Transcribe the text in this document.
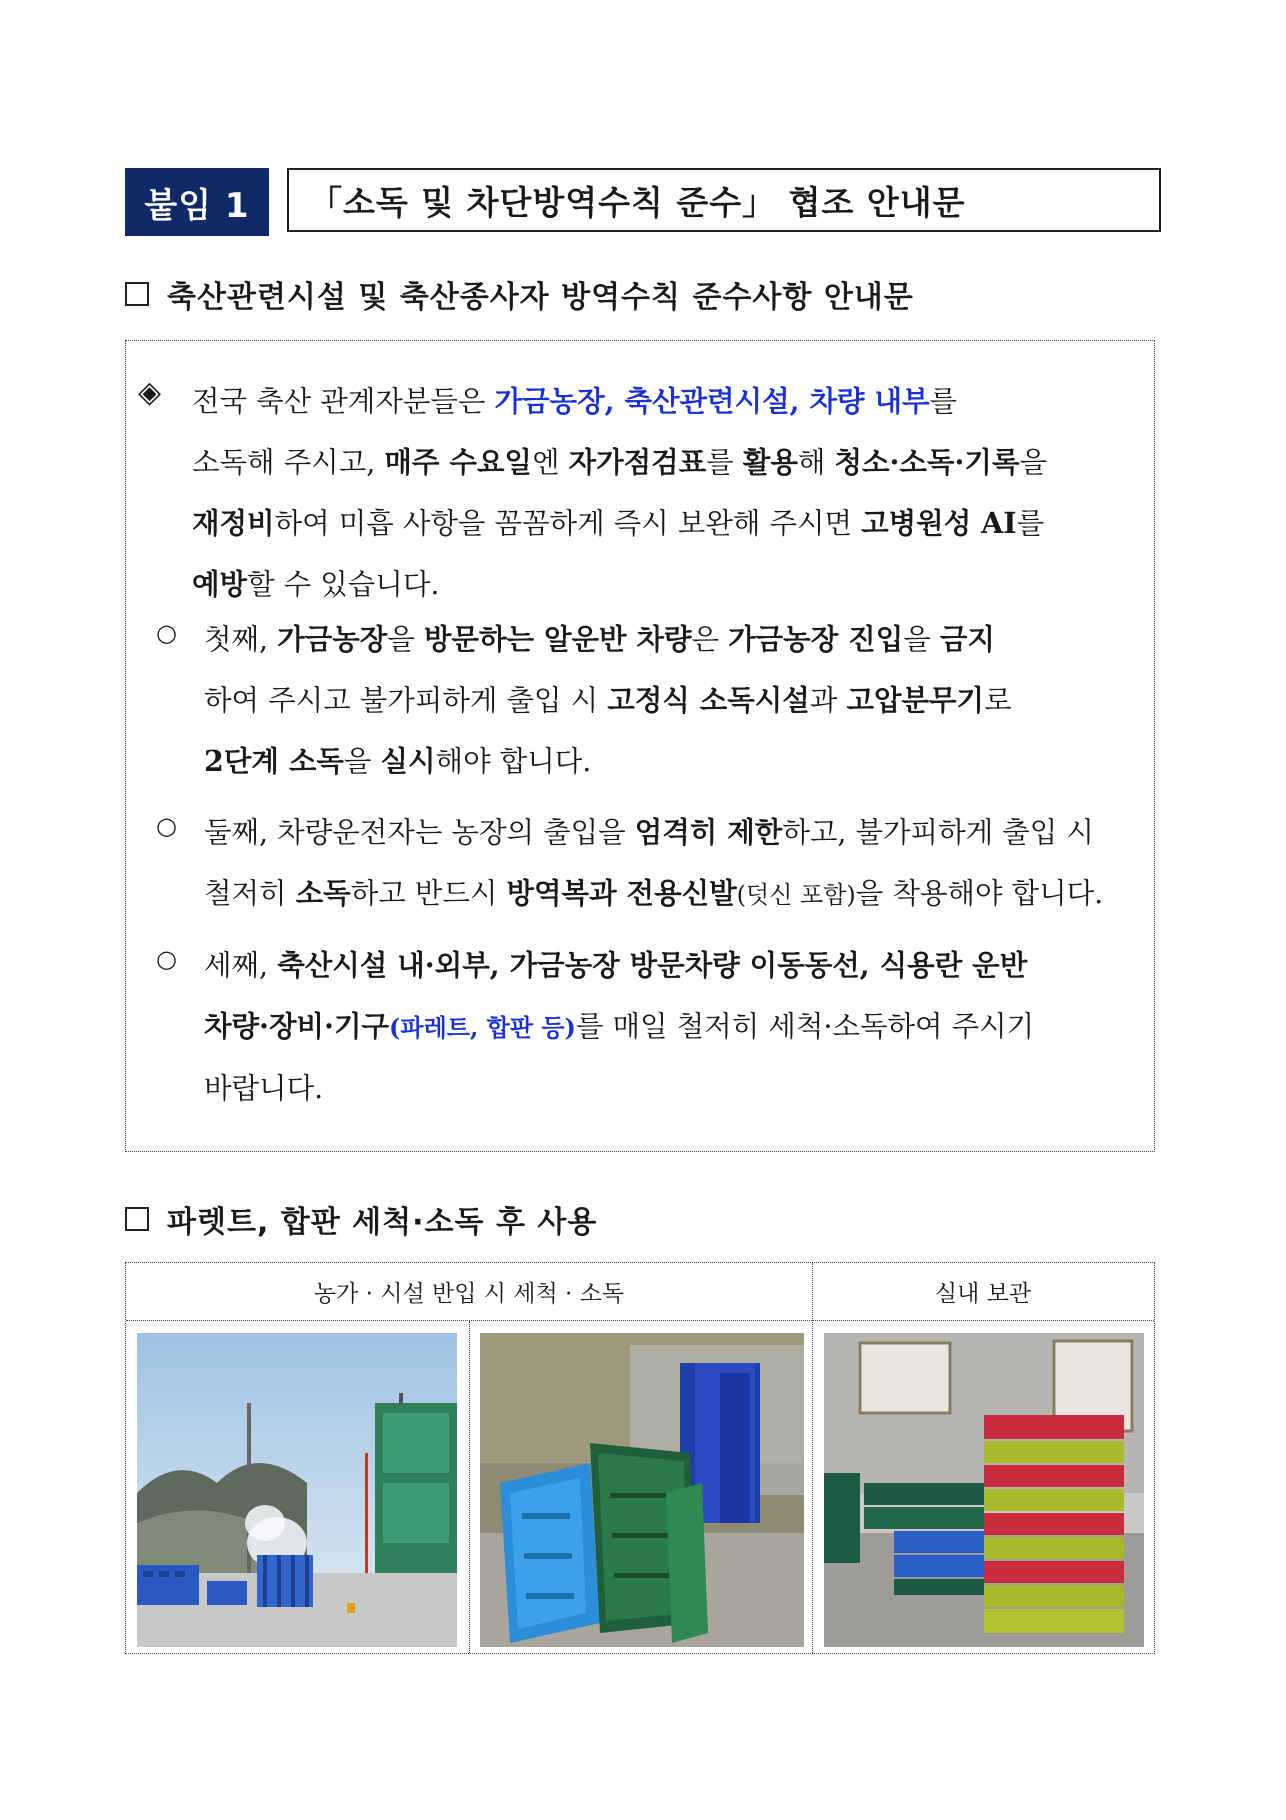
붙임 1	「소독 및 차단방역수칙 준수」 협조 안내문
축산관련시설 및 축산종사자 방역수칙 준수사항 안내문
◈ 전국 축산 관계자분들은 가금농장, 축산관련시설, 차량 내부를
소독해 주시고, 매주 수요일엔 자가점검표를 활용해 청소·소독·기록을
재정비하여 미흡 사항을 꼼꼼하게 즉시 보완해 주시면 고병원성 AI를
예방할 수 있습니다.
○ 첫째, 가금농장을 방문하는 알운반 차량은 가금농장 진입을 금지
하여 주시고 불가피하게 출입 시 고정식 소독시설과 고압분무기로
2단계 소독을 실시해야 합니다.
○ 둘째, 차량운전자는 농장의 출입을 엄격히 제한하고, 불가피하게 출입 시
철저히 소독하고 반드시 방역복과 전용신발(덧신 포함)을 착용해야 합니다.
○ 세째, 축산시설 내·외부, 가금농장 방문차량 이동동선, 식용란 운반
차량·장비·기구(파레트, 합판 등)를 매일 철저히 세척·소독하여 주시기
바랍니다.
파렛트, 합판 세척·소독 후 사용
농가 · 시설 반입 시 세척 · 소독	실내 보관
